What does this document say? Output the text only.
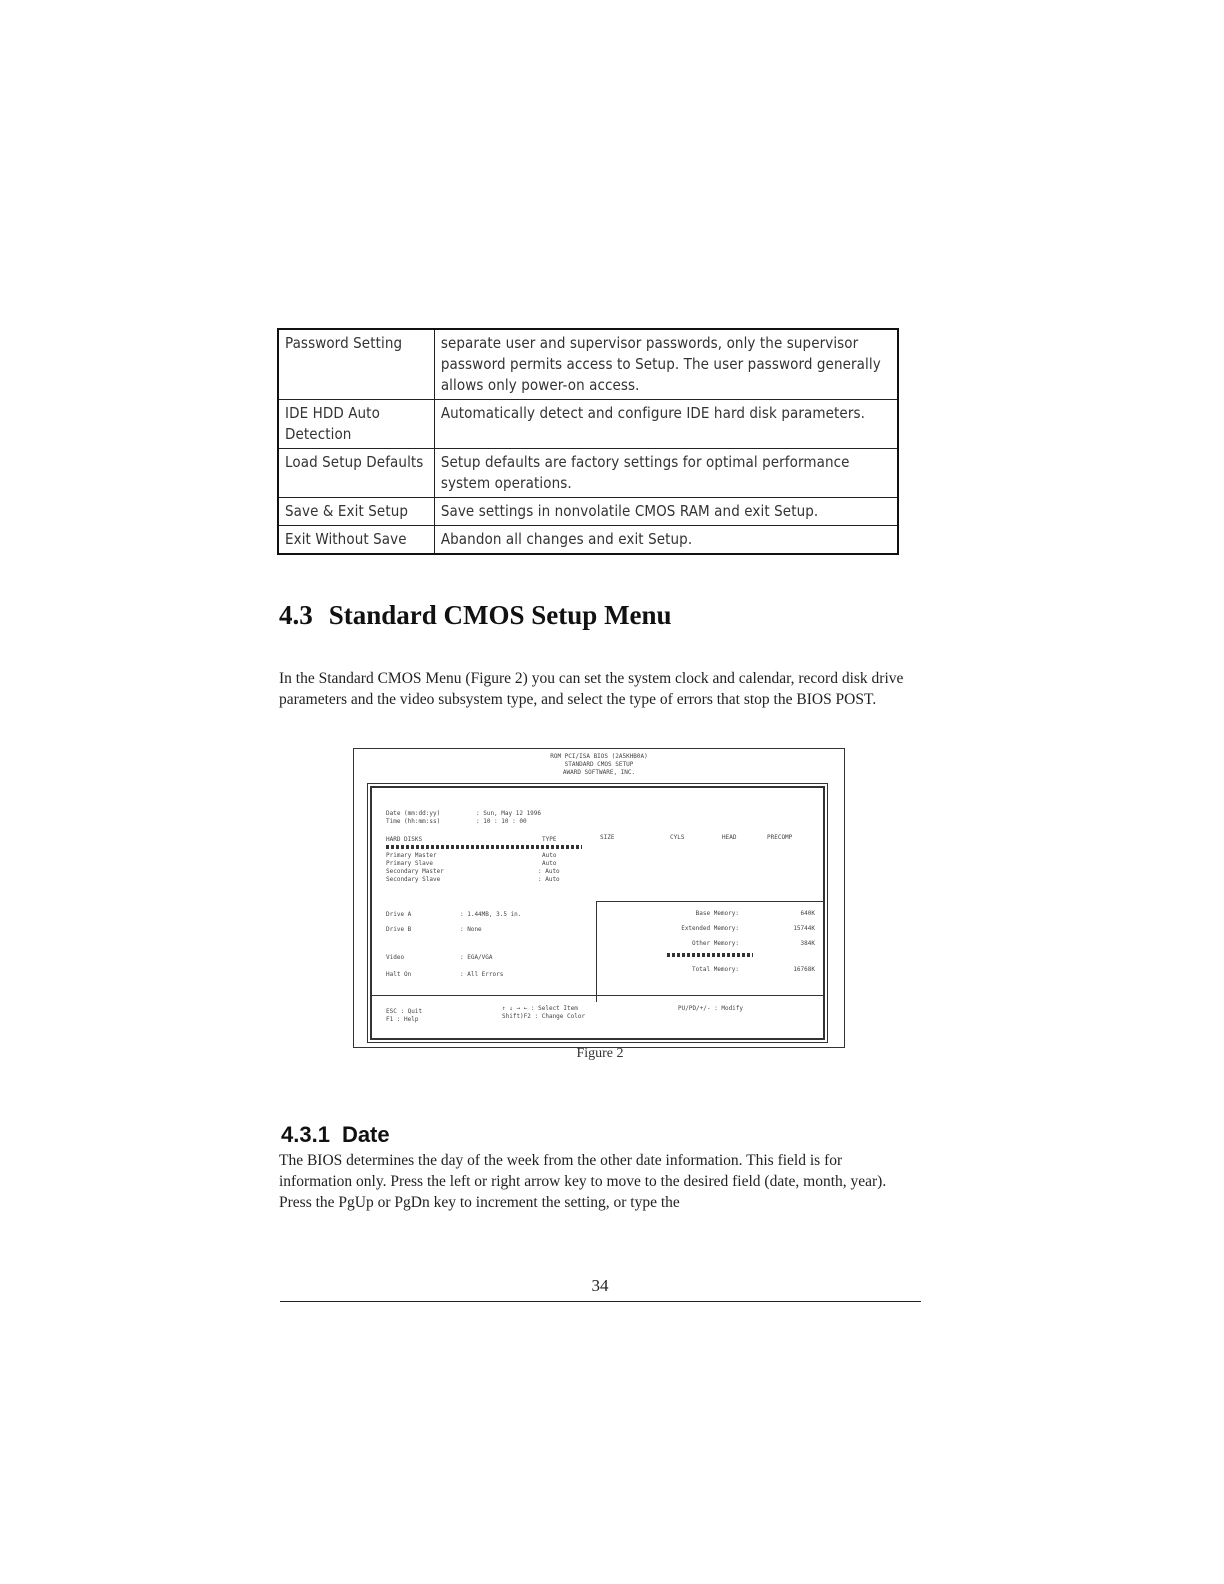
Password Setting	separate user and supervisor passwords, only the supervisor password permits access to Setup. The user password generally allows only power-on access.
IDE HDD Auto Detection	Automatically detect and configure IDE hard disk parameters.
Load Setup Defaults	Setup defaults are factory settings for optimal performance system operations.
Save & Exit Setup	Save settings in nonvolatile CMOS RAM and exit Setup.
Exit Without Save	Abandon all changes and exit Setup.
4.3 Standard CMOS Setup Menu

In the Standard CMOS Menu (Figure 2) you can set the system clock and calendar, record disk drive parameters and the video subsystem type, and select the type of errors that stop the BIOS POST.

ROM PCI/ISA BIOS (2A5KHB0A)
STANDARD CMOS SETUP
AWARD SOFTWARE, INC.
Date (mm:dd:yy)	: Sun, May 12 1996
Time (hh:mm:ss)	: 10 : 10 : 00
HARD DISKS	TYPE	SIZE	CYLS	HEAD	PRECOMP
Primary Master	Auto
Primary Slave	Auto
Secondary Master	: Auto
Secondary Slave	: Auto
Drive A	: 1.44MB, 3.5 in.
Drive B	: None
Video	: EGA/VGA
Halt On	: All Errors
Base Memory:	640K
Extended Memory:	15744K
Other Memory:	384K
Total Memory:	16768K
ESC : Quit
F1 : Help
↑ ↓ → ← : Select Item
Shift)F2 : Change Color
PU/PD/+/- : Modify
Figure 2
4.3.1 Date

The BIOS determines the day of the week from the other date information. This field is for information only. Press the left or right arrow key to move to the desired field (date, month, year). Press the PgUp or PgDn key to increment the setting, or type the

34
